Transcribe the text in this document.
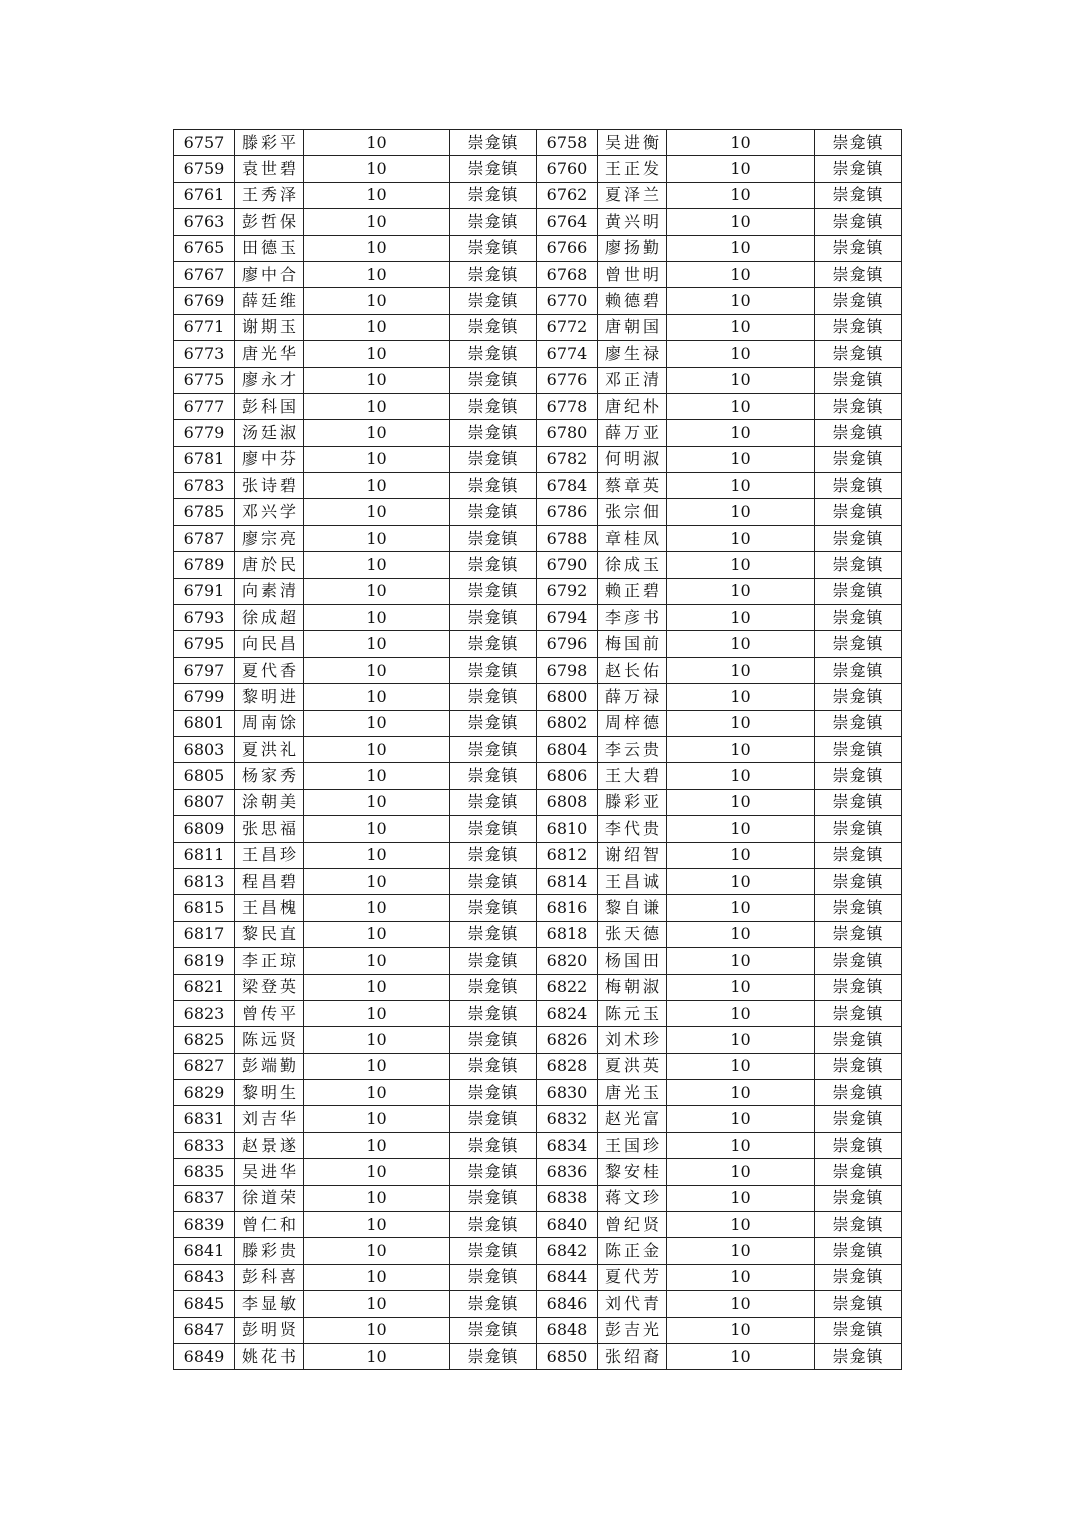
6757	滕彩平	10	崇龛镇	6758	吴进衡	10	崇龛镇
6759	袁世碧	10	崇龛镇	6760	王正发	10	崇龛镇
6761	王秀泽	10	崇龛镇	6762	夏泽兰	10	崇龛镇
6763	彭哲保	10	崇龛镇	6764	黄兴明	10	崇龛镇
6765	田德玉	10	崇龛镇	6766	廖扬勤	10	崇龛镇
6767	廖中合	10	崇龛镇	6768	曾世明	10	崇龛镇
6769	薛廷维	10	崇龛镇	6770	赖德碧	10	崇龛镇
6771	谢期玉	10	崇龛镇	6772	唐朝国	10	崇龛镇
6773	唐光华	10	崇龛镇	6774	廖生禄	10	崇龛镇
6775	廖永才	10	崇龛镇	6776	邓正清	10	崇龛镇
6777	彭科国	10	崇龛镇	6778	唐纪朴	10	崇龛镇
6779	汤廷淑	10	崇龛镇	6780	薛万亚	10	崇龛镇
6781	廖中芬	10	崇龛镇	6782	何明淑	10	崇龛镇
6783	张诗碧	10	崇龛镇	6784	蔡章英	10	崇龛镇
6785	邓兴学	10	崇龛镇	6786	张宗佃	10	崇龛镇
6787	廖宗亮	10	崇龛镇	6788	章桂凤	10	崇龛镇
6789	唐於民	10	崇龛镇	6790	徐成玉	10	崇龛镇
6791	向素清	10	崇龛镇	6792	赖正碧	10	崇龛镇
6793	徐成超	10	崇龛镇	6794	李彦书	10	崇龛镇
6795	向民昌	10	崇龛镇	6796	梅国前	10	崇龛镇
6797	夏代香	10	崇龛镇	6798	赵长佑	10	崇龛镇
6799	黎明进	10	崇龛镇	6800	薛万禄	10	崇龛镇
6801	周南馀	10	崇龛镇	6802	周梓德	10	崇龛镇
6803	夏洪礼	10	崇龛镇	6804	李云贵	10	崇龛镇
6805	杨家秀	10	崇龛镇	6806	王大碧	10	崇龛镇
6807	涂朝美	10	崇龛镇	6808	滕彩亚	10	崇龛镇
6809	张思福	10	崇龛镇	6810	李代贵	10	崇龛镇
6811	王昌珍	10	崇龛镇	6812	谢绍智	10	崇龛镇
6813	程昌碧	10	崇龛镇	6814	王昌诚	10	崇龛镇
6815	王昌槐	10	崇龛镇	6816	黎自谦	10	崇龛镇
6817	黎民直	10	崇龛镇	6818	张天德	10	崇龛镇
6819	李正琼	10	崇龛镇	6820	杨国田	10	崇龛镇
6821	梁登英	10	崇龛镇	6822	梅朝淑	10	崇龛镇
6823	曾传平	10	崇龛镇	6824	陈元玉	10	崇龛镇
6825	陈远贤	10	崇龛镇	6826	刘术珍	10	崇龛镇
6827	彭端勤	10	崇龛镇	6828	夏洪英	10	崇龛镇
6829	黎明生	10	崇龛镇	6830	唐光玉	10	崇龛镇
6831	刘吉华	10	崇龛镇	6832	赵光富	10	崇龛镇
6833	赵景遂	10	崇龛镇	6834	王国珍	10	崇龛镇
6835	吴进华	10	崇龛镇	6836	黎安桂	10	崇龛镇
6837	徐道荣	10	崇龛镇	6838	蒋文珍	10	崇龛镇
6839	曾仁和	10	崇龛镇	6840	曾纪贤	10	崇龛镇
6841	滕彩贵	10	崇龛镇	6842	陈正金	10	崇龛镇
6843	彭科喜	10	崇龛镇	6844	夏代芳	10	崇龛镇
6845	李显敏	10	崇龛镇	6846	刘代青	10	崇龛镇
6847	彭明贤	10	崇龛镇	6848	彭吉光	10	崇龛镇
6849	姚花书	10	崇龛镇	6850	张绍裔	10	崇龛镇
